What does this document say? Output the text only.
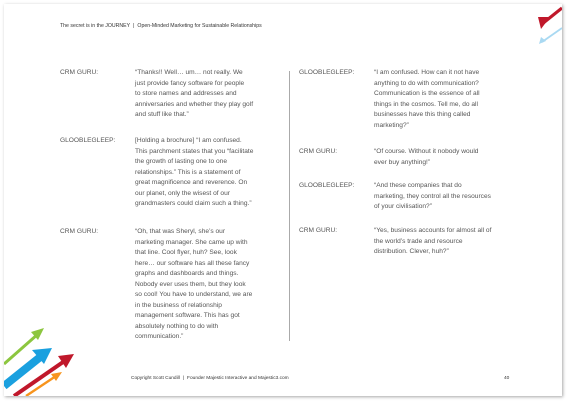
The secret is in the JOURNEY | Open-Minded Marketing for Sustainable Relationships
CRM GURU:	“Thanks!! Well… um… not really. We
just provide fancy software for people
to store names and addresses and
anniversaries and whether they play golf
and stuff like that.”
GLOOBLEGLEEP:	[Holding a brochure] “I am confused.
This parchment states that you “facilitate
the growth of lasting one to one
relationships.” This is a statement of
great magnificence and reverence. On
our planet, only the wisest of our
grandmasters could claim such a thing.”
CRM GURU:	“Oh, that was Sheryl, she’s our
marketing manager. She came up with
that line. Cool flyer, huh? See, look
here… our software has all these fancy
graphs and dashboards and things.
Nobody ever uses them, but they look
so cool! You have to understand, we are
in the business of relationship
management software. This has got
absolutely nothing to do with
communication.”
GLOOBLEGLEEP:	“I am confused. How can it not have
anything to do with communication?
Communication is the essence of all
things in the cosmos. Tell me, do all
businesses have this thing called
marketing?”
CRM GURU:	“Of course. Without it nobody would
ever buy anything!”
GLOOBLEGLEEP:	“And these companies that do
marketing, they control all the resources
of your civilisation?”
CRM GURU:	“Yes, business accounts for almost all of
the world’s trade and resource
distribution. Clever, huh?”
Copyright Scott Cundill | Founder Majestic Interactive and Majestic3.com	40
